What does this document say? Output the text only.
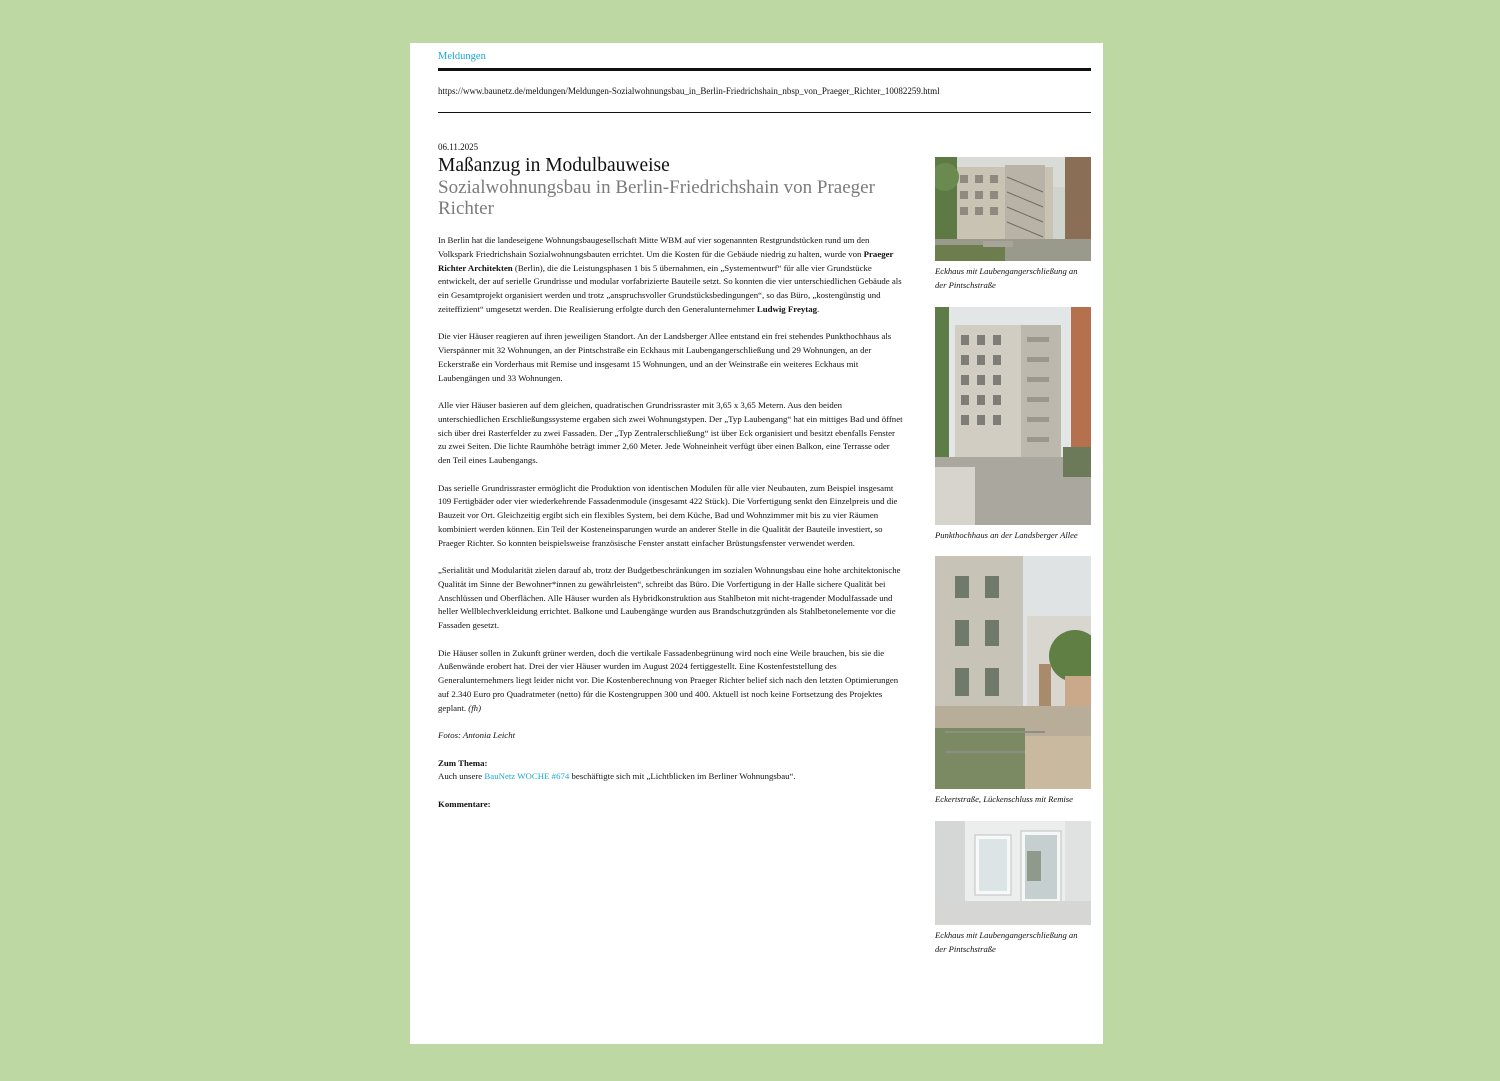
Meldungen
https://www.baunetz.de/meldungen/Meldungen-Sozialwohnungsbau_in_Berlin-Friedrichshain_nbsp_von_Praeger_Richter_10082259.html
06.11.2025
Maßanzug in Modulbauweise
Sozialwohnungsbau in Berlin-Friedrichshain von Praeger Richter

In Berlin hat die landeseigene Wohnungsbaugesellschaft Mitte WBM auf vier sogenannten Restgrundstücken rund um den Volkspark Friedrichshain Sozialwohnungsbauten errichtet. Um die Kosten für die Gebäude niedrig zu halten, wurde von Praeger Richter Architekten (Berlin), die die Leistungsphasen 1 bis 5 übernahmen, ein „Systementwurf“ für alle vier Grundstücke entwickelt, der auf serielle Grundrisse und modular vorfabrizierte Bauteile setzt. So konnten die vier unterschiedlichen Gebäude als ein Gesamtprojekt organisiert werden und trotz „anspruchsvoller Grundstücksbedingungen“, so das Büro, „kostengünstig und zeiteffizient“ umgesetzt werden. Die Realisierung erfolgte durch den Generalunternehmer Ludwig Freytag.

Die vier Häuser reagieren auf ihren jeweiligen Standort. An der Landsberger Allee entstand ein frei stehendes Punkthochhaus als Vierspänner mit 32 Wohnungen, an der Pintschstraße ein Eckhaus mit Laubengangerschließung und 29 Wohnungen, an der Eckerstraße ein Vorderhaus mit Remise und insgesamt 15 Wohnungen, und an der Weinstraße ein weiteres Eckhaus mit Laubengängen und 33 Wohnungen.

Alle vier Häuser basieren auf dem gleichen, quadratischen Grundrissraster mit 3,65 x 3,65 Metern. Aus den beiden unterschiedlichen Erschließungssysteme ergaben sich zwei Wohnungstypen. Der „Typ Laubengang“ hat ein mittiges Bad und öffnet sich über drei Rasterfelder zu zwei Fassaden. Der „Typ Zentralerschließung“ ist über Eck organisiert und besitzt ebenfalls Fenster zu zwei Seiten. Die lichte Raumhöhe beträgt immer 2,60 Meter. Jede Wohneinheit verfügt über einen Balkon, eine Terrasse oder den Teil eines Laubengangs.

Das serielle Grundrissraster ermöglicht die Produktion von identischen Modulen für alle vier Neubauten, zum Beispiel insgesamt 109 Fertigbäder oder vier wiederkehrende Fassadenmodule (insgesamt 422 Stück). Die Vorfertigung senkt den Einzelpreis und die Bauzeit vor Ort. Gleichzeitig ergibt sich ein flexibles System, bei dem Küche, Bad und Wohnzimmer mit bis zu vier Räumen kombiniert werden können. Ein Teil der Kosteneinsparungen wurde an anderer Stelle in die Qualität der Bauteile investiert, so Praeger Richter. So konnten beispielsweise französische Fenster anstatt einfacher Brüstungsfenster verwendet werden.

„Serialität und Modularität zielen darauf ab, trotz der Budgetbeschränkungen im sozialen Wohnungsbau eine hohe architektonische Qualität im Sinne der Bewohner*innen zu gewährleisten“, schreibt das Büro. Die Vorfertigung in der Halle sichere Qualität bei Anschlüssen und Oberflächen. Alle Häuser wurden als Hybridkonstruktion aus Stahlbeton mit nicht-tragender Modulfassade und heller Wellblechverkleidung errichtet. Balkone und Laubengänge wurden aus Brandschutzgründen als Stahlbetonelemente vor die Fassaden gesetzt.

Die Häuser sollen in Zukunft grüner werden, doch die vertikale Fassadenbegrünung wird noch eine Weile brauchen, bis sie die Außenwände erobert hat. Drei der vier Häuser wurden im August 2024 fertiggestellt. Eine Kostenfeststellung des Generalunternehmers liegt leider nicht vor. Die Kostenberechnung von Praeger Richter belief sich nach den letzten Optimierungen auf 2.340 Euro pro Quadratmeter (netto) für die Kostengruppen 300 und 400. Aktuell ist noch keine Fortsetzung des Projektes geplant. (fh)

Fotos: Antonia Leicht

Zum Thema:

Auch unsere BauNetz WOCHE #674 beschäftigte sich mit „Lichtblicken im Berliner Wohnungsbau“.

Kommentare:
Eckhaus mit Laubengangerschließung an der Pintschstraße
Punkthochhaus an der Landsberger Allee
Eckertstraße, Lückenschluss mit Remise
Eckhaus mit Laubengangerschließung an der Pintschstraße
